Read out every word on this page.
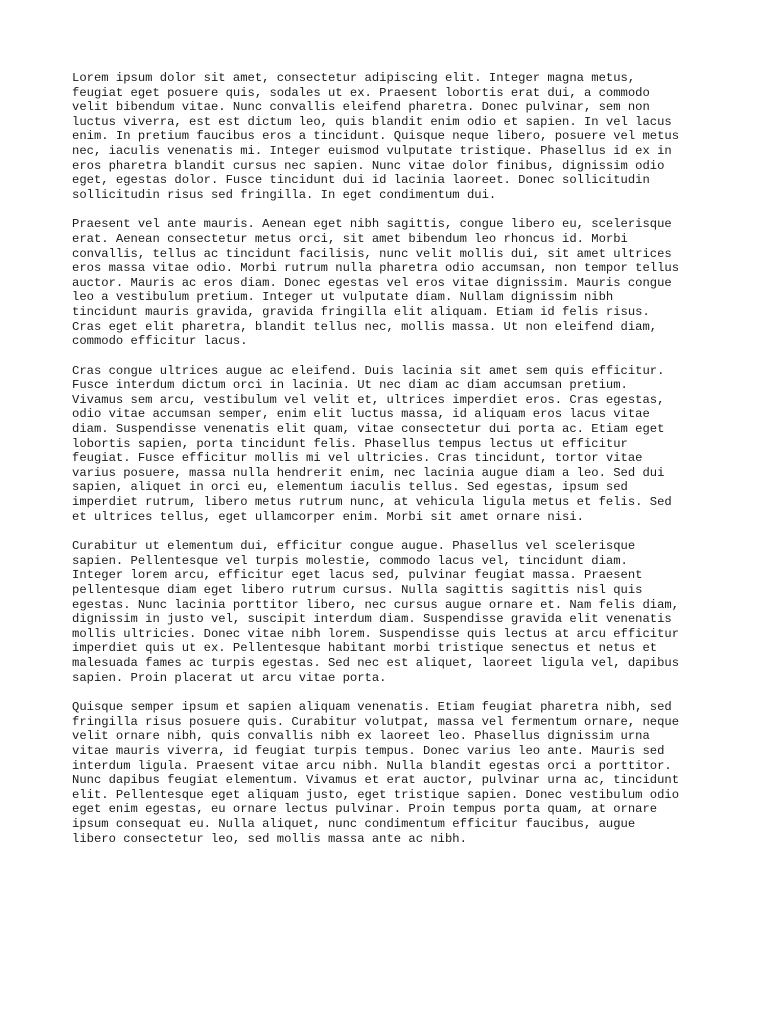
Lorem ipsum dolor sit amet, consectetur adipiscing elit. Integer magna metus,
feugiat eget posuere quis, sodales ut ex. Praesent lobortis erat dui, a commodo
velit bibendum vitae. Nunc convallis eleifend pharetra. Donec pulvinar, sem non
luctus viverra, est est dictum leo, quis blandit enim odio et sapien. In vel lacus
enim. In pretium faucibus eros a tincidunt. Quisque neque libero, posuere vel metus
nec, iaculis venenatis mi. Integer euismod vulputate tristique. Phasellus id ex in
eros pharetra blandit cursus nec sapien. Nunc vitae dolor finibus, dignissim odio
eget, egestas dolor. Fusce tincidunt dui id lacinia laoreet. Donec sollicitudin
sollicitudin risus sed fringilla. In eget condimentum dui.

Praesent vel ante mauris. Aenean eget nibh sagittis, congue libero eu, scelerisque
erat. Aenean consectetur metus orci, sit amet bibendum leo rhoncus id. Morbi
convallis, tellus ac tincidunt facilisis, nunc velit mollis dui, sit amet ultrices
eros massa vitae odio. Morbi rutrum nulla pharetra odio accumsan, non tempor tellus
auctor. Mauris ac eros diam. Donec egestas vel eros vitae dignissim. Mauris congue
leo a vestibulum pretium. Integer ut vulputate diam. Nullam dignissim nibh
tincidunt mauris gravida, gravida fringilla elit aliquam. Etiam id felis risus.
Cras eget elit pharetra, blandit tellus nec, mollis massa. Ut non eleifend diam,
commodo efficitur lacus.

Cras congue ultrices augue ac eleifend. Duis lacinia sit amet sem quis efficitur.
Fusce interdum dictum orci in lacinia. Ut nec diam ac diam accumsan pretium.
Vivamus sem arcu, vestibulum vel velit et, ultrices imperdiet eros. Cras egestas,
odio vitae accumsan semper, enim elit luctus massa, id aliquam eros lacus vitae
diam. Suspendisse venenatis elit quam, vitae consectetur dui porta ac. Etiam eget
lobortis sapien, porta tincidunt felis. Phasellus tempus lectus ut efficitur
feugiat. Fusce efficitur mollis mi vel ultricies. Cras tincidunt, tortor vitae
varius posuere, massa nulla hendrerit enim, nec lacinia augue diam a leo. Sed dui
sapien, aliquet in orci eu, elementum iaculis tellus. Sed egestas, ipsum sed
imperdiet rutrum, libero metus rutrum nunc, at vehicula ligula metus et felis. Sed
et ultrices tellus, eget ullamcorper enim. Morbi sit amet ornare nisi.

Curabitur ut elementum dui, efficitur congue augue. Phasellus vel scelerisque
sapien. Pellentesque vel turpis molestie, commodo lacus vel, tincidunt diam.
Integer lorem arcu, efficitur eget lacus sed, pulvinar feugiat massa. Praesent
pellentesque diam eget libero rutrum cursus. Nulla sagittis sagittis nisl quis
egestas. Nunc lacinia porttitor libero, nec cursus augue ornare et. Nam felis diam,
dignissim in justo vel, suscipit interdum diam. Suspendisse gravida elit venenatis
mollis ultricies. Donec vitae nibh lorem. Suspendisse quis lectus at arcu efficitur
imperdiet quis ut ex. Pellentesque habitant morbi tristique senectus et netus et
malesuada fames ac turpis egestas. Sed nec est aliquet, laoreet ligula vel, dapibus
sapien. Proin placerat ut arcu vitae porta.

Quisque semper ipsum et sapien aliquam venenatis. Etiam feugiat pharetra nibh, sed
fringilla risus posuere quis. Curabitur volutpat, massa vel fermentum ornare, neque
velit ornare nibh, quis convallis nibh ex laoreet leo. Phasellus dignissim urna
vitae mauris viverra, id feugiat turpis tempus. Donec varius leo ante. Mauris sed
interdum ligula. Praesent vitae arcu nibh. Nulla blandit egestas orci a porttitor.
Nunc dapibus feugiat elementum. Vivamus et erat auctor, pulvinar urna ac, tincidunt
elit. Pellentesque eget aliquam justo, eget tristique sapien. Donec vestibulum odio
eget enim egestas, eu ornare lectus pulvinar. Proin tempus porta quam, at ornare
ipsum consequat eu. Nulla aliquet, nunc condimentum efficitur faucibus, augue
libero consectetur leo, sed mollis massa ante ac nibh.
